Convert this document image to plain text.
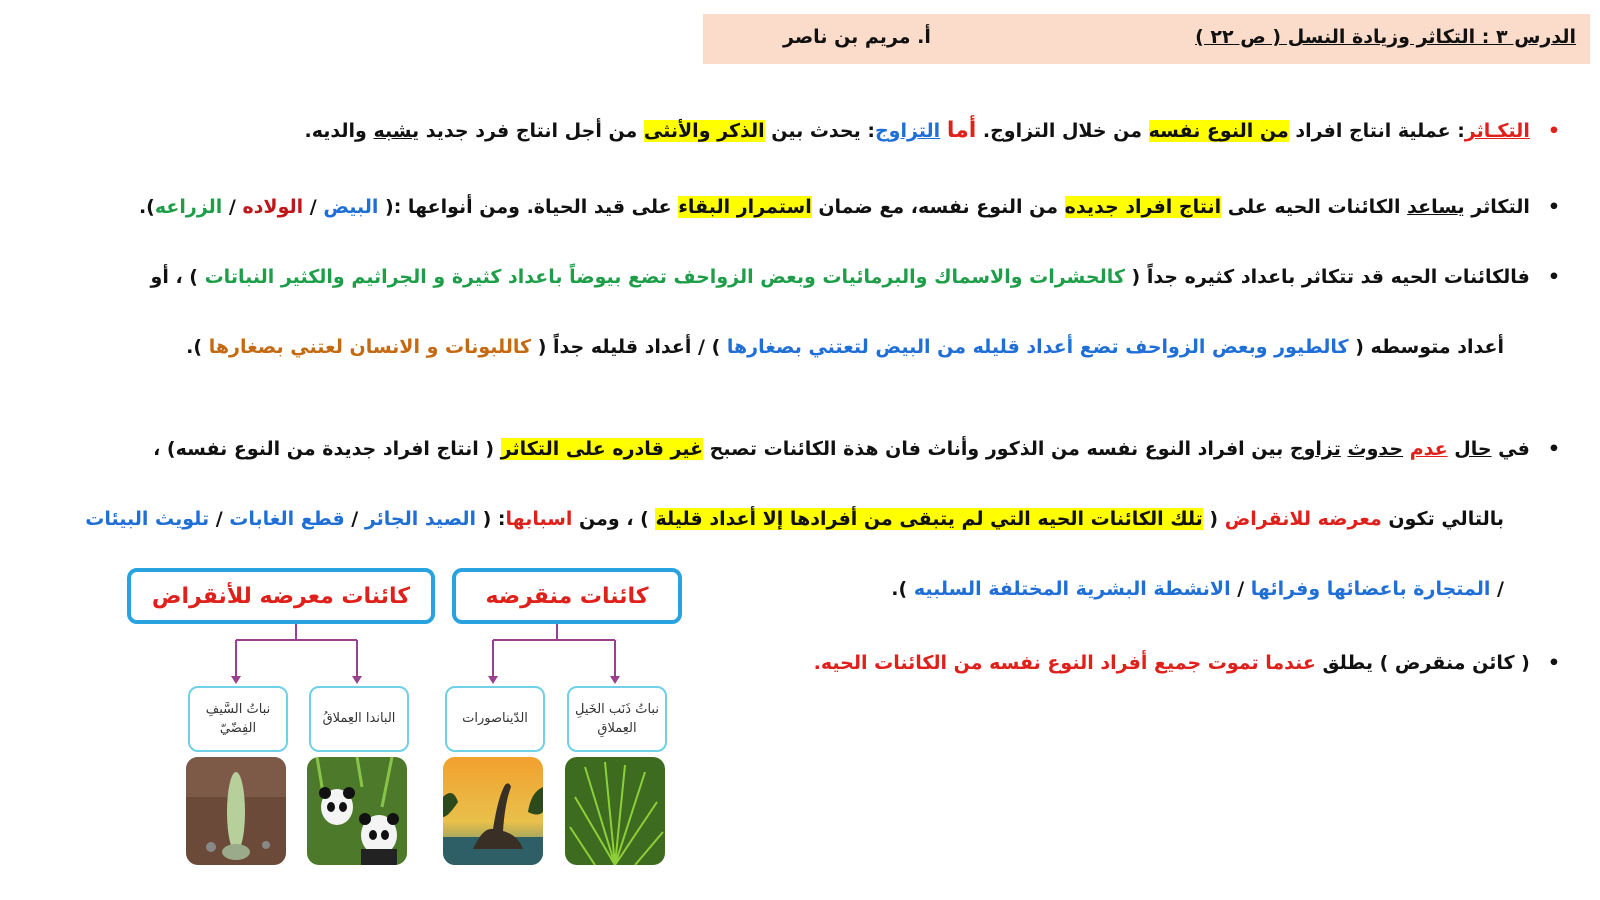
الدرس ٣ : التكاثر وزيادة النسل ( ص ٢٢ )
أ. مريم بن ناصر
•التكـاثر: عملية انتاج افراد من النوع نفسه من خلال التزاوج. أما التزاوج: يحدث بين الذكر والأنثى من أجل انتاج فرد جديد يشبه والديه.
•التكاثر يساعد الكائنات الحيه على انتاج افراد جديده من النوع نفسه، مع ضمان استمرار البقاء على قيد الحياة. ومن أنواعها :( البيض / الولاده / الزراعه).
•فالكائنات الحيه قد تتكاثر باعداد كثيره جداً ( كالحشرات والاسماك والبرمائيات وبعض الزواحف تضع بيوضاً باعداد كثيرة و الجراثيم والكثير النباتات ) ، أو
أعداد متوسطه ( كالطيور وبعض الزواحف تضع أعداد قليله من البيض لتعتني بصغارها ) / أعداد قليله جداً ( كاللبونات و الانسان لعتني بصغارها ).
•في حال عدم حدوث تزاوج بين افراد النوع نفسه من الذكور وأناث فان هذة الكائنات تصبح غير قادره على التكاثر ( انتاج افراد جديدة من النوع نفسه) ،
بالتالي تكون معرضه للانقراض ( تلك الكائنات الحيه التي لم يتبقى من أفرادها إلا أعداد قليلة ) ، ومن اسبابها: ( الصيد الجائر / قطع الغابات / تلويث البيئات
/ المتجارة باعضائها وفرائها / الانشطة البشرية المختلفة السلبيه ).
•( كائن منقرض ) يطلق عندما تموت جميع أفراد النوع نفسه من الكائنات الحيه.
كائنات منقرضه
كائنات معرضه للأنقراض
نباتُ ذَنَب الخَيلِ العِملاقِ
الدّيناصورات
الباندا العِملاقُ
نباتُ السَّيفِ الفِضّيّ
